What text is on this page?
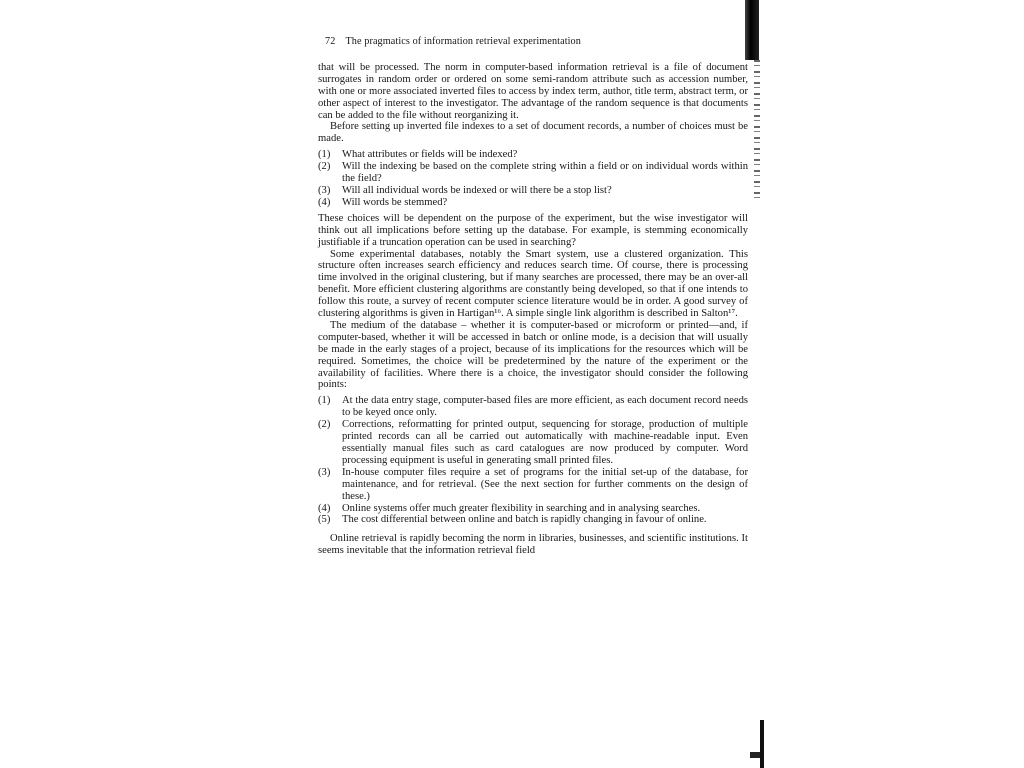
72 The pragmatics of information retrieval experimentation

that will be processed. The norm in computer-based information retrieval is a file of document surrogates in random order or ordered on some semi-random attribute such as accession number, with one or more associated inverted files to access by index term, author, title term, abstract term, or other aspect of interest to the investigator. The advantage of the random sequence is that documents can be added to the file without reorganizing it.

Before setting up inverted file indexes to a set of document records, a number of choices must be made.

(1) What attributes or fields will be indexed?
(2) Will the indexing be based on the complete string within a field or on individual words within the field?
(3) Will all individual words be indexed or will there be a stop list?
(4) Will words be stemmed?

These choices will be dependent on the purpose of the experiment, but the wise investigator will think out all implications before setting up the database. For example, is stemming economically justifiable if a truncation operation can be used in searching?

Some experimental databases, notably the Smart system, use a clustered organization. This structure often increases search efficiency and reduces search time. Of course, there is processing time involved in the original clustering, but if many searches are processed, there may be an over-all benefit. More efficient clustering algorithms are constantly being developed, so that if one intends to follow this route, a survey of recent computer science literature would be in order. A good survey of clustering algorithms is given in Hartigan¹⁶. A simple single link algorithm is described in Salton¹⁷.

The medium of the database – whether it is computer-based or microform or printed—and, if computer-based, whether it will be accessed in batch or online mode, is a decision that will usually be made in the early stages of a project, because of its implications for the resources which will be required. Sometimes, the choice will be predetermined by the nature of the experiment or the availability of facilities. Where there is a choice, the investigator should consider the following points:

(1) At the data entry stage, computer-based files are more efficient, as each document record needs to be keyed once only.
(2) Corrections, reformatting for printed output, sequencing for storage, production of multiple printed records can all be carried out automatically with machine-readable input. Even essentially manual files such as card catalogues are now produced by computer. Word processing equipment is useful in generating small printed files.
(3) In-house computer files require a set of programs for the initial set-up of the database, for maintenance, and for retrieval. (See the next section for further comments on the design of these.)
(4) Online systems offer much greater flexibility in searching and in analysing searches.
(5) The cost differential between online and batch is rapidly changing in favour of online.

Online retrieval is rapidly becoming the norm in libraries, businesses, and scientific institutions. It seems inevitable that the information retrieval field
